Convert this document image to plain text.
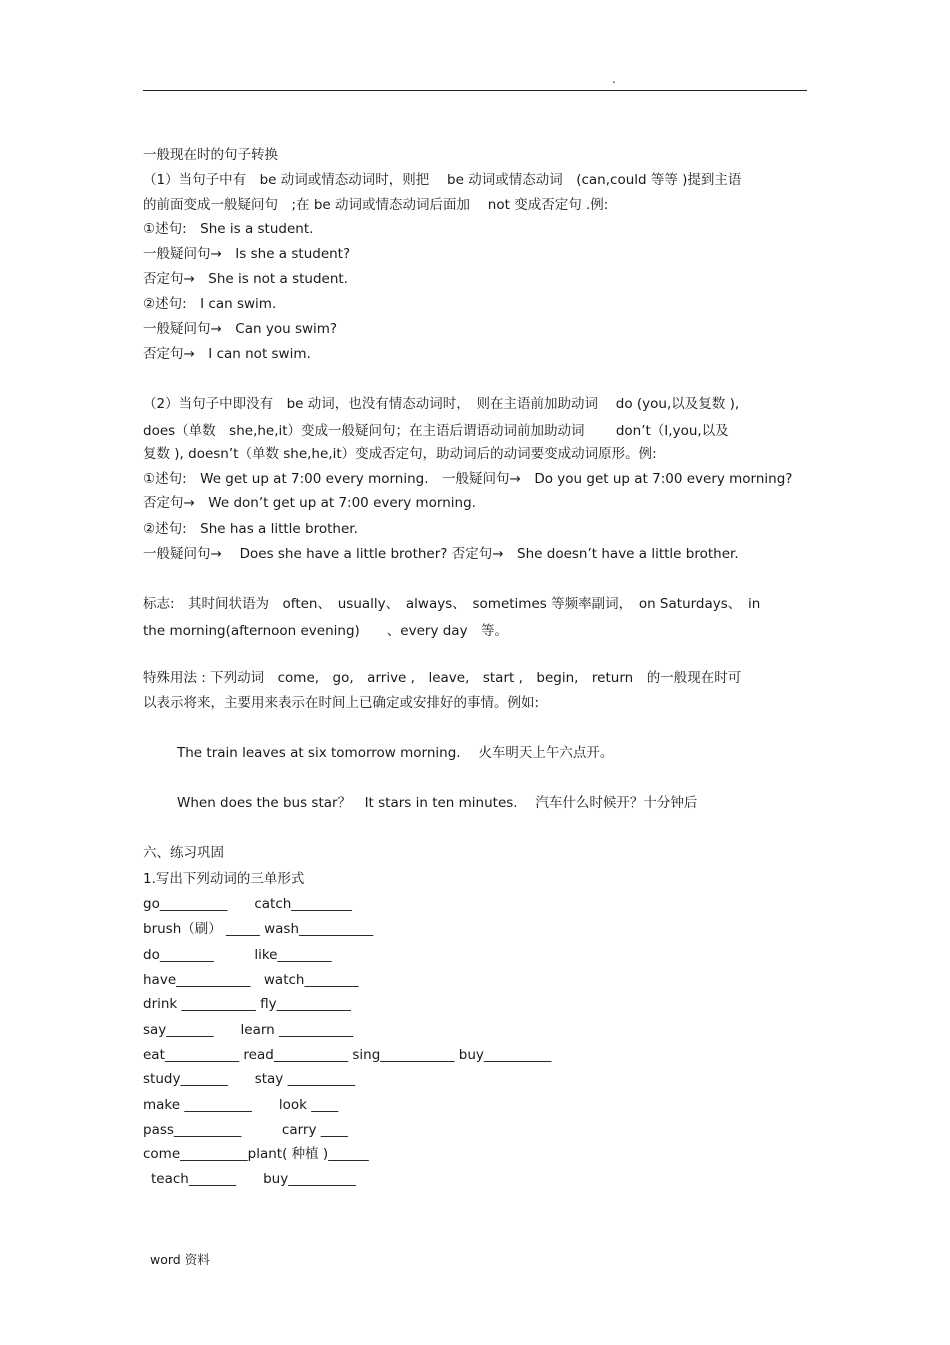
.
一般现在时的句子转换
（1）当句子中有　be 动词或情态动词时，则把　 be 动词或情态动词　(can,could 等等 )提到主语
的前面变成一般疑问句　;在 be 动词或情态动词后面加　 not 变成否定句 .例:
①述句:　She is a student.
一般疑问句→　Is she a student?
否定句→　She is not a student.
②述句:　I can swim.
一般疑问句→　Can you swim?
否定句→　I can not swim.
（2）当句子中即没有　be 动词，也没有情态动词时，　则在主语前加助动词　 do (you,以及复数 ),
does（单数　she,he,it）变成一般疑问句；在主语后谓语动词前加助动词　　 don’t（I,you,以及
复数 ), doesn’t（单数 she,he,it）变成否定句，助动词后的动词要变成动词原形。例:
①述句:　We get up at 7:00 every morning.　一般疑问句→　Do you get up at 7:00 every morning?
否定句→　We don’t get up at 7:00 every morning.
②述句:　She has a little brother.
一般疑问句→　 Does she have a little brother? 否定句→　She doesn’t have a little brother.
标志:　其时间状语为　often、　usually、　always、　sometimes 等频率副词，　on Saturdays、　in
the morning(afternoon evening)　　、every day　等。
特殊用法 : 下列动词　come,　go,　arrive ,　leave,　start ,　begin,　return　的一般现在时可
以表示将来，主要用来表示在时间上已确定或安排好的事情。例如:
The train leaves at six tomorrow morning.　 火车明天上午六点开。
When does the bus star？　It stars in ten minutes.　 汽车什么时候开？十分钟后
六、练习巩固
1.写出下列动词的三单形式
go__________　　catch_________
brush（刷） _____ wash___________
do________　　　like________
have___________　watch________
drink ___________ fly___________
say_______　　learn ___________
eat___________ read___________ sing___________ buy__________
study_______　　stay __________
make __________　　look ____
pass__________　　　carry ____
come__________plant( 种植 )______
teach_______　　buy__________
word 资料
